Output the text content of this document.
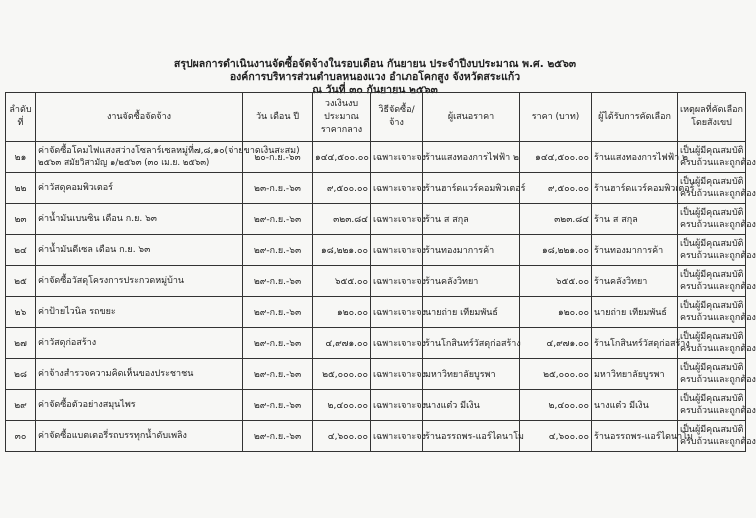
สรุปผลการดำเนินงานจัดซื้อจัดจ้างในรอบเดือน กันยายน ประจำปีงบประมาณ พ.ศ. ๒๕๖๓
องค์การบริหารส่วนตำบลหนองแวง อำเภอโคกสูง จังหวัดสระแก้ว
ณ วันที่ ๓๐ กันยายน ๒๕๖๓
ลำดับที่	งานจัดซื้อจัดจ้าง	วัน เดือน ปี	วงเงินงบประมาณราคากลาง	วิธีจัดซื้อ/จ้าง	ผู้เสนอราคา	ราคา (บาท)	ผู้ได้รับการคัดเลือก	เหตุผลที่คัดเลือกโดยสังเขป
๒๑	ค่าจัดซื้อโคมไฟแสงสว่างโซลาร์เซลหมู่ที่๗,๘,๑๐(จ่ายขาดเงินสะสม)
๒๕๖๓ สมัยวิสามัญ ๑/๒๕๖๓ (๓๐ เม.ย. ๒๕๖๓)	๒๐-ก.ย.-๖๓	๑๔๔,๕๐๐.๐๐	เฉพาะเจาะจง	ร้านแสงทองการไฟฟ้า ๒	๑๔๔,๕๐๐.๐๐	ร้านแสงทองการไฟฟ้า ๒	เป็นผู้มีคุณสมบัติ
ครบถ้วนและถูกต้อง
๒๒	ค่าวัสดุคอมพิวเตอร์	๒๓-ก.ย.-๖๓	๙,๕๐๐.๐๐	เฉพาะเจาะจง	ร้านฮาร์ดแวร์คอมพิวเตอร์	๙,๕๐๐.๐๐	ร้านฮาร์ดแวร์คอมพิวเตอร์	เป็นผู้มีคุณสมบัติ
ครบถ้วนและถูกต้อง
๒๓	ค่าน้ำมันเบนซิน เดือน ก.ย. ๖๓	๒๙-ก.ย.-๖๓	๓๒๓.๘๔	เฉพาะเจาะจง	ร้าน ส สกุล	๓๒๓.๘๔	ร้าน ส สกุล	เป็นผู้มีคุณสมบัติ
ครบถ้วนและถูกต้อง
๒๔	ค่าน้ำมันดีเซล เดือน ก.ย. ๖๓	๒๙-ก.ย.-๖๓	๑๘,๒๒๑.๐๐	เฉพาะเจาะจง	ร้านทองมาการค้า	๑๘,๒๒๑.๐๐	ร้านทองมาการค้า	เป็นผู้มีคุณสมบัติ
ครบถ้วนและถูกต้อง
๒๕	ค่าจัดซื้อวัสดุโครงการประกวดหมู่บ้าน	๒๙-ก.ย.-๖๓	๖๕๕.๐๐	เฉพาะเจาะจง	ร้านคลังวิทยา	๖๕๕.๐๐	ร้านคลังวิทยา	เป็นผู้มีคุณสมบัติ
ครบถ้วนและถูกต้อง
๒๖	ค่าป้ายไวนิล รถขยะ	๒๙-ก.ย.-๖๓	๑๒๐.๐๐	เฉพาะเจาะจง	นายถ่าย เทียมพันธ์	๑๒๐.๐๐	นายถ่าย เทียมพันธ์	เป็นผู้มีคุณสมบัติ
ครบถ้วนและถูกต้อง
๒๗	ค่าวัสดุก่อสร้าง	๒๙-ก.ย.-๖๓	๔,๙๗๑.๐๐	เฉพาะเจาะจง	ร้านโกสินทร์วัสดุก่อสร้าง	๔,๙๗๑.๐๐	ร้านโกสินทร์วัสดุก่อสร้าง	เป็นผู้มีคุณสมบัติ
ครบถ้วนและถูกต้อง
๒๘	ค่าจ้างสำรวจความคิดเห็นของประชาชน	๒๙-ก.ย.-๖๓	๒๕,๐๐๐.๐๐	เฉพาะเจาะจง	มหาวิทยาลัยบูรพา	๒๕,๐๐๐.๐๐	มหาวิทยาลัยบูรพา	เป็นผู้มีคุณสมบัติ
ครบถ้วนและถูกต้อง
๒๙	ค่าจัดซื้อตัวอย่างสมุนไพร	๒๙-ก.ย.-๖๓	๒,๔๐๐.๐๐	เฉพาะเจาะจง	นางแต๋ว มีเงิน	๒,๔๐๐.๐๐	นางแต๋ว มีเงิน	เป็นผู้มีคุณสมบัติ
ครบถ้วนและถูกต้อง
๓๐	ค่าจัดซื้อแบตเตอรี่รถบรรทุกน้ำดับเพลิง	๒๙-ก.ย.-๖๓	๔,๖๐๐.๐๐	เฉพาะเจาะจง	ร้านอรรถพร-แอร์ไดนาโม	๔,๖๐๐.๐๐	ร้านอรรถพร-แอร์ไดนาโม	เป็นผู้มีคุณสมบัติ
ครบถ้วนและถูกต้อง
